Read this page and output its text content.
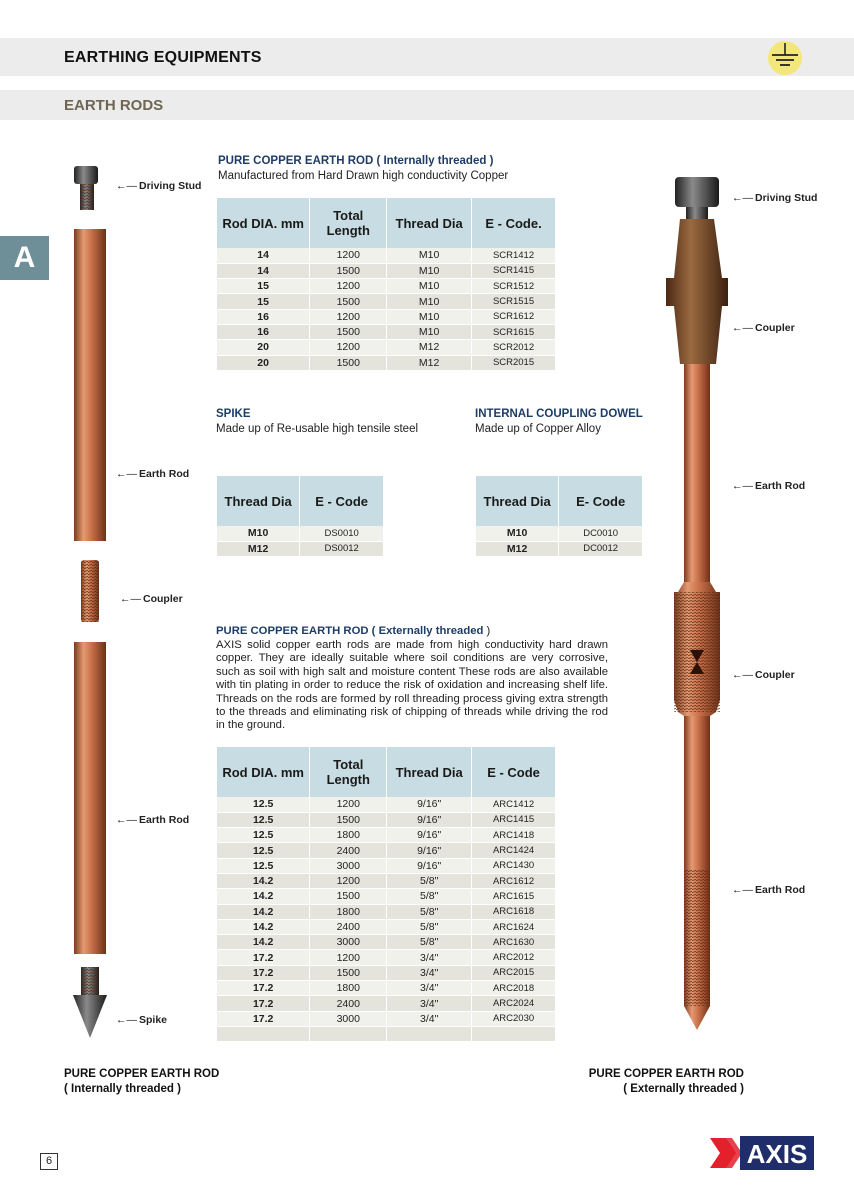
EARTHING EQUIPMENTS
EARTH RODS
A
←— Driving Stud
←— Earth Rod
←— Coupler
←— Earth Rod
←— Spike
←— Driving Stud
←— Coupler
←— Earth Rod
←— Coupler
←— Earth Rod
PURE COPPER EARTH ROD ( Internally threaded )
Manufactured from Hard Drawn high conductivity Copper
Rod DIA. mm	Total Length	Thread Dia	E - Code.
14	1200	M10	SCR1412
14	1500	M10	SCR1415
15	1200	M10	SCR1512
15	1500	M10	SCR1515
16	1200	M10	SCR1612
16	1500	M10	SCR1615
20	1200	M12	SCR2012
20	1500	M12	SCR2015
SPIKE
Made up of Re-usable high tensile steel
Thread Dia	E - Code
M10	DS0010
M12	DS0012
INTERNAL COUPLING DOWEL
Made up of Copper Alloy
Thread Dia	E- Code
M10	DC0010
M12	DC0012
PURE COPPER EARTH ROD ( Externally threaded )
AXIS solid copper earth rods are made from high conductivity hard drawn copper. They are ideally suitable where soil conditions are very corrosive, such as soil with high salt and moisture content These rods are also available with tin plating in order to reduce the risk of oxidation and increasing shelf life. Threads on the rods are formed by roll threading process giving extra strength to the threads and eliminating risk of chipping of threads while driving the rod in the ground.
Rod DIA. mm	Total Length	Thread Dia	E - Code
12.5	1200	9/16"	ARC1412
12.5	1500	9/16"	ARC1415
12.5	1800	9/16"	ARC1418
12.5	2400	9/16"	ARC1424
12.5	3000	9/16"	ARC1430
14.2	1200	5/8"	ARC1612
14.2	1500	5/8"	ARC1615
14.2	1800	5/8"	ARC1618
14.2	2400	5/8"	ARC1624
14.2	3000	5/8"	ARC1630
17.2	1200	3/4"	ARC2012
17.2	1500	3/4"	ARC2015
17.2	1800	3/4"	ARC2018
17.2	2400	3/4"	ARC2024
17.2	3000	3/4"	ARC2030

PURE COPPER EARTH ROD
( Internally threaded )
PURE COPPER EARTH ROD
( Externally threaded )
6	AXIS
